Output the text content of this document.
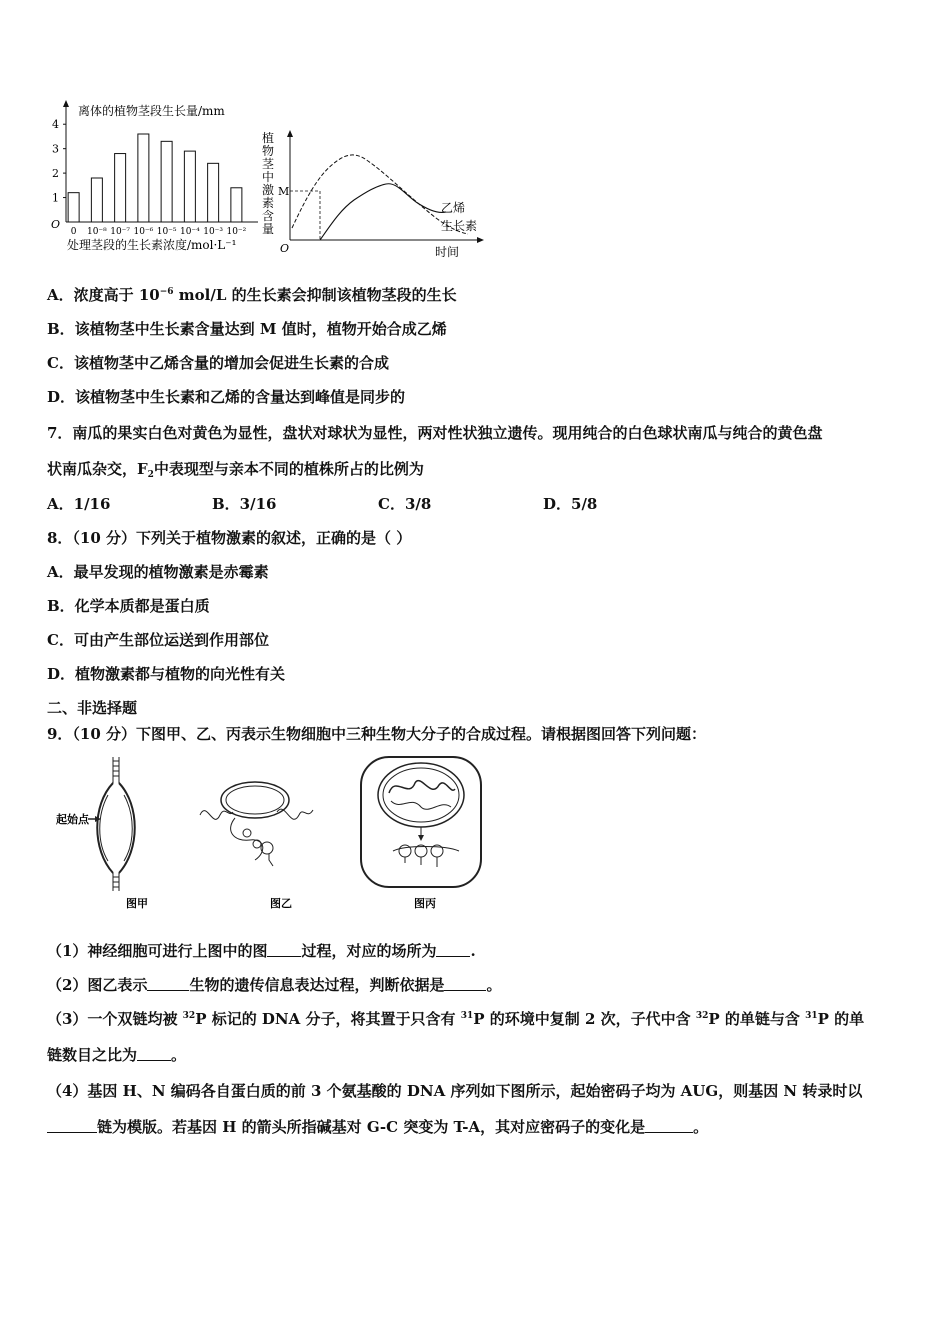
离体的植物茎段生长量/mm
O
1
2
3
4
0 10⁻⁸ 10⁻⁷ 10⁻⁶ 10⁻⁵ 10⁻⁴ 10⁻³ 10⁻²
处理茎段的生长素浓度/mol·L⁻¹
植
物
茎
中
激
素
含
量
O
M
乙烯
生长素
时间
A．浓度高于 $10^{-6}$ mol/L 的生长素会抑制该植物茎段的生长
B．该植物茎中生长素含量达到 M 值时，植物开始合成乙烯
C．该植物茎中乙烯含量的增加会促进生长素的合成
D．该植物茎中生长素和乙烯的含量达到峰值是同步的
7．南瓜的果实白色对黄色为显性，盘状对球状为显性，两对性状独立遗传。现用纯合的白色球状南瓜与纯合的黄色盘
状南瓜杂交，$F_2$中表现型与亲本不同的植株所占的比例为
A．1/16	B．3/16	C．3/8	D．5/8
8．（10 分）下列关于植物激素的叙述，正确的是（ ）
A．最早发现的植物激素是赤霉素
B．化学本质都是蛋白质
C．可由产生部位运送到作用部位
D．植物激素都与植物的向光性有关
二、非选择题
9．（10 分）下图甲、乙、丙表示生物细胞中三种生物大分子的合成过程。请根据图回答下列问题：
起始点
图甲	图乙	图丙
（1）神经细胞可进行上图中的图 过程，对应的场所为 .
（2）图乙表示	生物的遗传信息表达过程，判断依据是	。
（3）一个双链均被 $^{32}$P 标记的 DNA 分子，将其置于只含有 $^{31}$P 的环境中复制 2 次，子代中含 $^{32}$P 的单链与含 $^{31}$P 的单
链数目之比为 。
（4）基因 H、N 编码各自蛋白质的前 3 个氨基酸的 DNA 序列如下图所示，起始密码子均为 AUG，则基因 N 转录时以
链为模版。若基因 H 的箭头所指碱基对 G-C 突变为 T-A，其对应密码子的变化是	。
